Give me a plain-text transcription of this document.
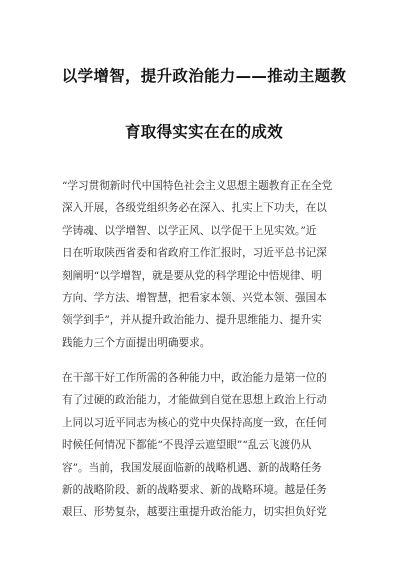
以学增智，提升政治能力——推动主题教
育取得实实在在的成效
“学习贯彻新时代中国特色社会主义思想主题教育正在全党
深入开展，各级党组织务必在深入、扎实上下功夫，在以
学铸魂、以学增智、以学正风、以学促干上见实效。”近
日在听取陕西省委和省政府工作汇报时，习近平总书记深
刻阐明“以学增智，就是要从党的科学理论中悟规律、明
方向、学方法、增智慧，把看家本领、兴党本领、强国本
领学到手”，并从提升政治能力、提升思维能力、提升实
践能力三个方面提出明确要求。
在干部干好工作所需的各种能力中，政治能力是第一位的
有了过硬的政治能力，才能做到自觉在思想上政治上行动
上同以习近平同志为核心的党中央保持高度一致，在任何
时候任何情况下都能“不畏浮云遮望眼”“乱云飞渡仍从
容”。当前，我国发展面临新的战略机遇、新的战略任务
新的战略阶段、新的战略要求、新的战略环境。越是任务
艰巨、形势复杂，越要注重提升政治能力，切实担负好党
